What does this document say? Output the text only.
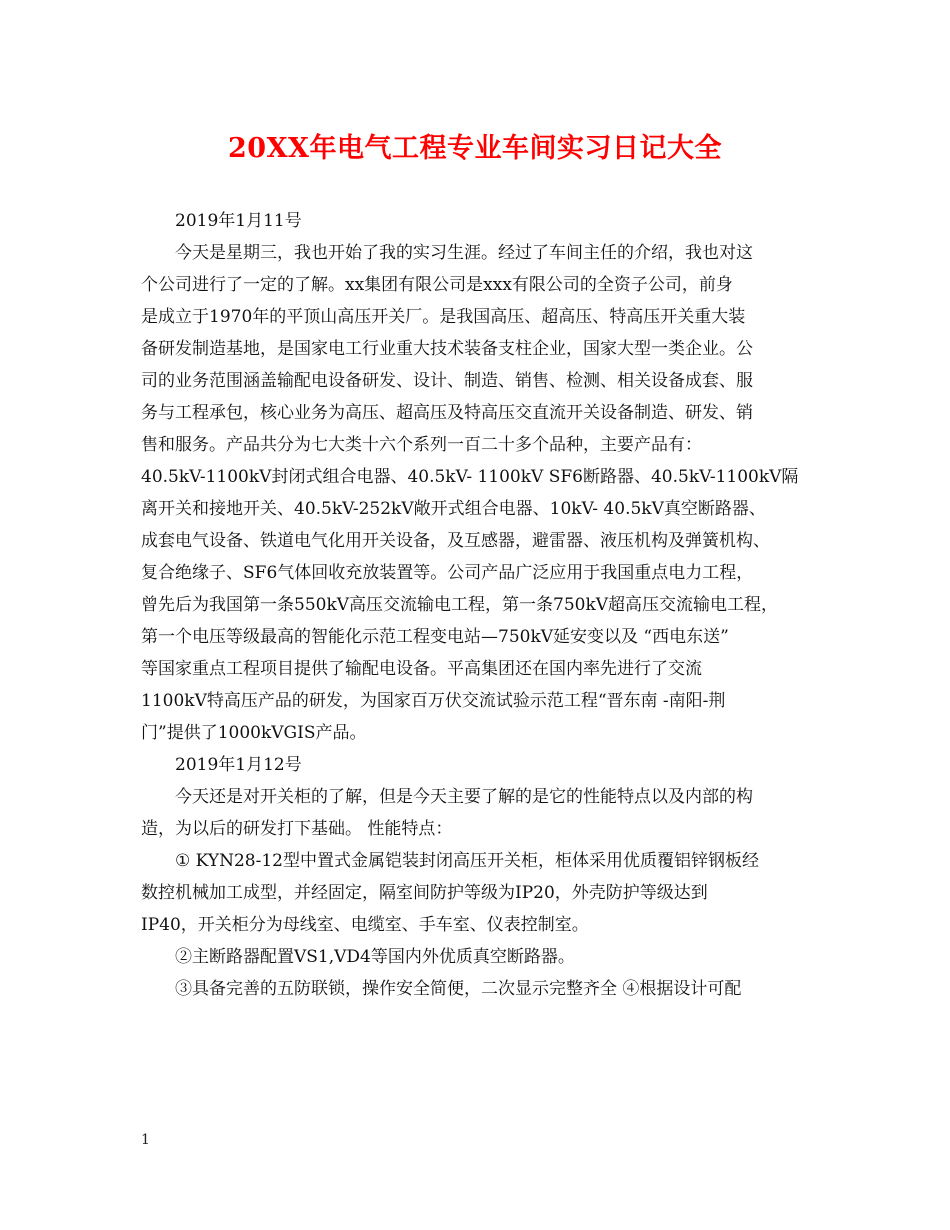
20XX年电气工程专业车间实习日记大全
2019年1月11号
今天是星期三，我也开始了我的实习生涯。经过了车间主任的介绍，我也对这
个公司进行了一定的了解。xx集团有限公司是xxx有限公司的全资子公司，前身
是成立于1970年的平顶山高压开关厂。是我国高压、超高压、特高压开关重大装
备研发制造基地，是国家电工行业重大技术装备支柱企业，国家大型一类企业。公
司的业务范围涵盖输配电设备研发、设计、制造、销售、检测、相关设备成套、服
务与工程承包，核心业务为高压、超高压及特高压交直流开关设备制造、研发、销
售和服务。产品共分为七大类十六个系列一百二十多个品种，主要产品有：
40.5kV-1100kV封闭式组合电器、40.5kV- 1100kV SF6断路器、40.5kV-1100kV隔
离开关和接地开关、40.5kV-252kV敞开式组合电器、10kV- 40.5kV真空断路器、
成套电气设备、铁道电气化用开关设备，及互感器，避雷器、液压机构及弹簧机构、
复合绝缘子、SF6气体回收充放装置等。公司产品广泛应用于我国重点电力工程，
曾先后为我国第一条550kV高压交流输电工程，第一条750kV超高压交流输电工程，
第一个电压等级最高的智能化示范工程变电站—750kV延安变以及 “西电东送”
等国家重点工程项目提供了输配电设备。平高集团还在国内率先进行了交流
1100kV特高压产品的研发，为国家百万伏交流试验示范工程“晋东南 -南阳-荆
门”提供了1000kVGIS产品。
2019年1月12号
今天还是对开关柜的了解，但是今天主要了解的是它的性能特点以及内部的构
造，为以后的研发打下基础。 性能特点：
① KYN28-12型中置式金属铠装封闭高压开关柜，柜体采用优质覆铝锌钢板经
数控机械加工成型，并经固定，隔室间防护等级为IP20，外壳防护等级达到
IP40，开关柜分为母线室、电缆室、手车室、仪表控制室。
②主断路器配置VS1,VD4等国内外优质真空断路器。
③具备完善的五防联锁，操作安全简便，二次显示完整齐全 ④根据设计可配
1
